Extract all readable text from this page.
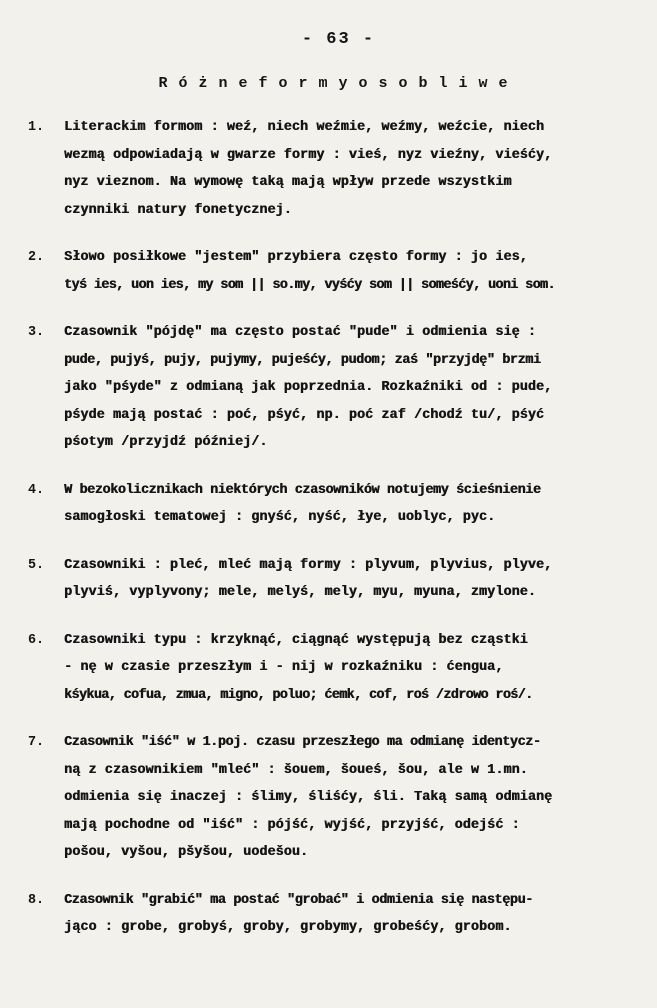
- 63 -
R ó ż n e f o r m y o s o b l i w e
1.	Literackim formom : weź, niech weźmie, weźmy, weźcie, niech
wezmą odpowiadają w gwarze formy : vieś, nyz vieźny, vieśćy,
nyz vieznom. Na wymowę taką mają wpływ przede wszystkim
czynniki natury fonetycznej.
2.	Słowo posiłkowe "jestem" przybiera często formy : jo ies,
tyś ies, uon ies, my som || so.my, vyśćy som || someśćy, uoni som.
3.	Czasownik "pójdę" ma często postać "pude" i odmienia się :
pude, pujyś, pujy, pujymy, pujeśćy, pudom; zaś "przyjdę" brzmi
jako "pśyde" z odmianą jak poprzednia. Rozkaźniki od : pude,
pśyde mają postać : poć, pśyć, np. poć zaf /chodź tu/, pśyć
pśotym /przyjdź później/.
4.	W bezokolicznikach niektórych czasowników notujemy ścieśnienie
samogłoski tematowej : gnyść, nyść, łye, uoblyc, pyc.
5.	Czasowniki : pleć, mleć mają formy : plyvum, plyvius, plyve,
plyviś, vyplyvony; mele, melyś, mely, myu, myuna, zmylone.
6.	Czasowniki typu : krzyknąć, ciągnąć występują bez cząstki
- nę w czasie przeszłym i - nij w rozkaźniku : ćengua,
kśykua, cofua, zmua, migno, poluo; ćemk, cof, roś /zdrowo roś/.
7.	Czasownik "iść" w 1.poj. czasu przeszłego ma odmianę identycz-
ną z czasownikiem "mleć" : šouem, šoueś, šou, ale w 1.mn.
odmienia się inaczej : ślimy, śliśćy, śli. Taką samą odmianę
mają pochodne od "iść" : pójść, wyjść, przyjść, odejść :
pošou, vyšou, pšyšou, uodešou.
8.	Czasownik "grabić" ma postać "grobać" i odmienia się następu-
jąco : grobe, grobyś, groby, grobymy, grobeśćy, grobom.
